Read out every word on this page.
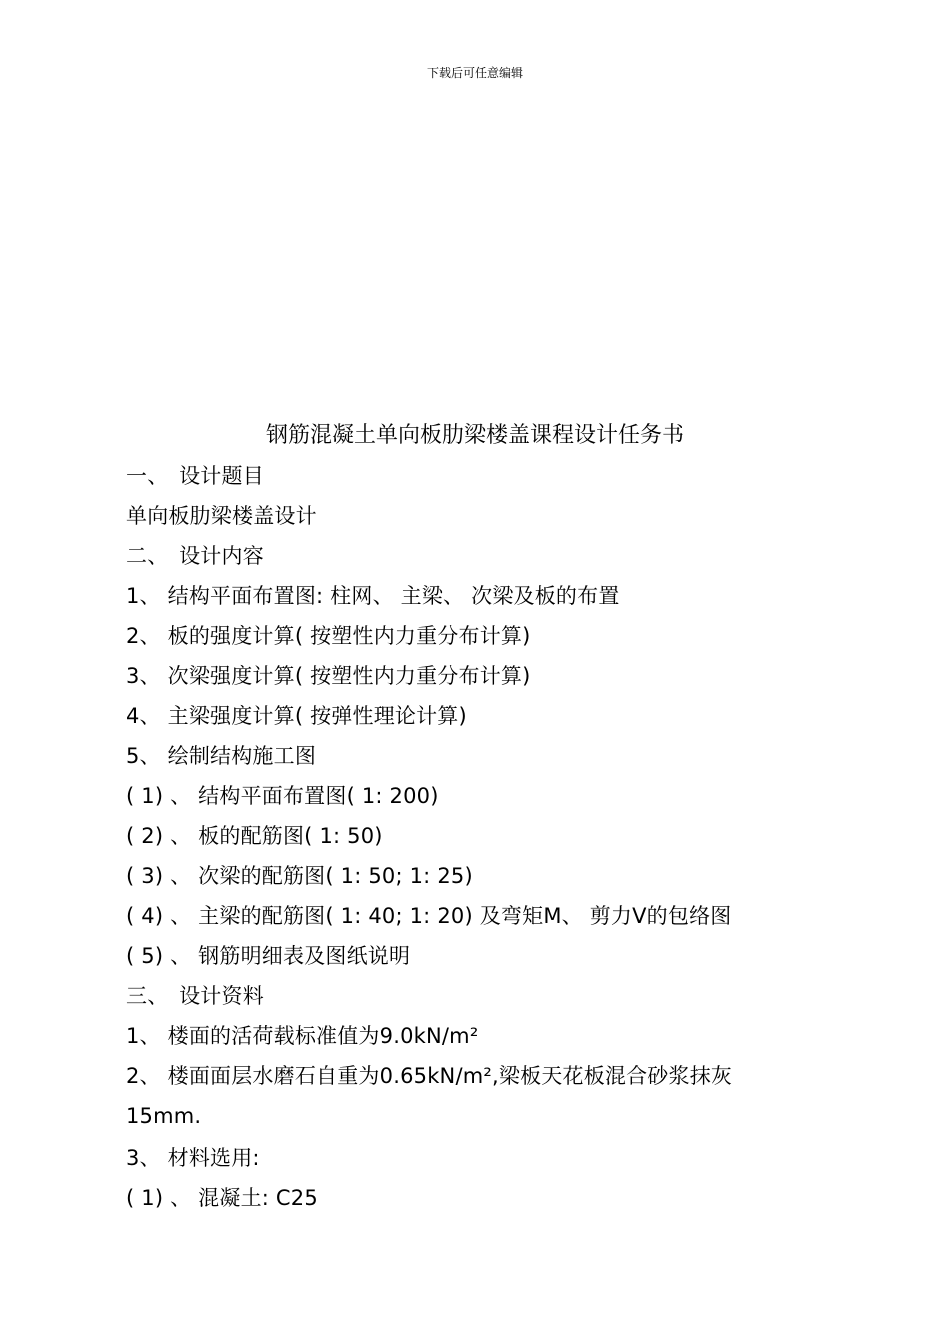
下载后可任意编辑
钢筋混凝土单向板肋梁楼盖课程设计任务书
一、　设计题目
单向板肋梁楼盖设计
二、　设计内容
1、 结构平面布置图: 柱网、 主梁、 次梁及板的布置
2、 板的强度计算( 按塑性内力重分布计算)
3、 次梁强度计算( 按塑性内力重分布计算)
4、 主梁强度计算( 按弹性理论计算)
5、 绘制结构施工图
( 1) 、 结构平面布置图( 1: 200)
( 2) 、 板的配筋图( 1: 50)
( 3) 、 次梁的配筋图( 1: 50; 1: 25)
( 4) 、 主梁的配筋图( 1: 40; 1: 20) 及弯矩M、 剪力V的包络图
( 5) 、 钢筋明细表及图纸说明
三、　设计资料
1、 楼面的活荷载标准值为9.0kN/m²
2、 楼面面层水磨石自重为0.65kN/m²,梁板天花板混合砂浆抹灰
15mm.
3、 材料选用:
( 1) 、 混凝土: C25
